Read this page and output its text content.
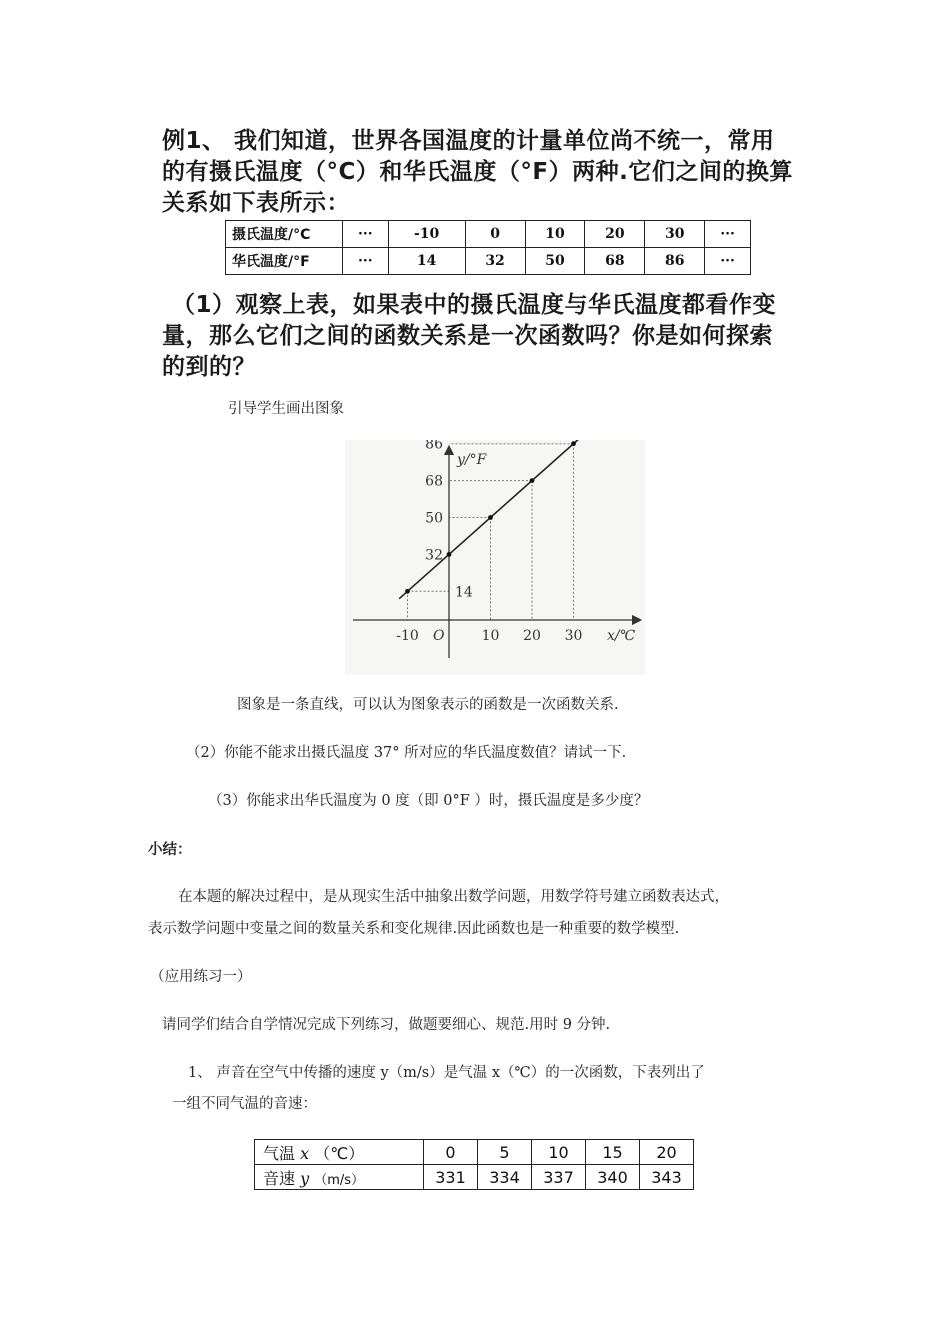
例1、 我们知道，世界各国温度的计量单位尚不统一，常用
的有摄氏温度（°C）和华氏温度（°F）两种.它们之间的换算
关系如下表所示：
摄氏温度/°C	···	-10	0	10	20	30	···
华氏温度/°F	···	14	32	50	68	86	···
（1）观察上表，如果表中的摄氏温度与华氏温度都看作变
量，那么它们之间的函数关系是一次函数吗？你是如何探索
的到的？
引导学生画出图象
-10	10 20 30
86
68
50
32
14
y/°F
x/℃
O
图象是一条直线，可以认为图象表示的函数是一次函数关系.
（2）你能不能求出摄氏温度 37° 所对应的华氏温度数值？请试一下.
（3）你能求出华氏温度为 0 度（即 0°F ）时，摄氏温度是多少度？
小结：
在本题的解决过程中，是从现实生活中抽象出数学问题，用数学符号建立函数表达式，
表示数学问题中变量之间的数量关系和变化规律.因此函数也是一种重要的数学模型.
（应用练习一）
请同学们结合自学情况完成下列练习，做题要细心、规范.用时 9 分钟.
1、 声音在空气中传播的速度 y（m/s）是气温 x（℃）的一次函数，下表列出了
一组不同气温的音速：
气温 x （℃）	0	5	10	15	20
音速 y （m/s）	331	334	337	340	343
